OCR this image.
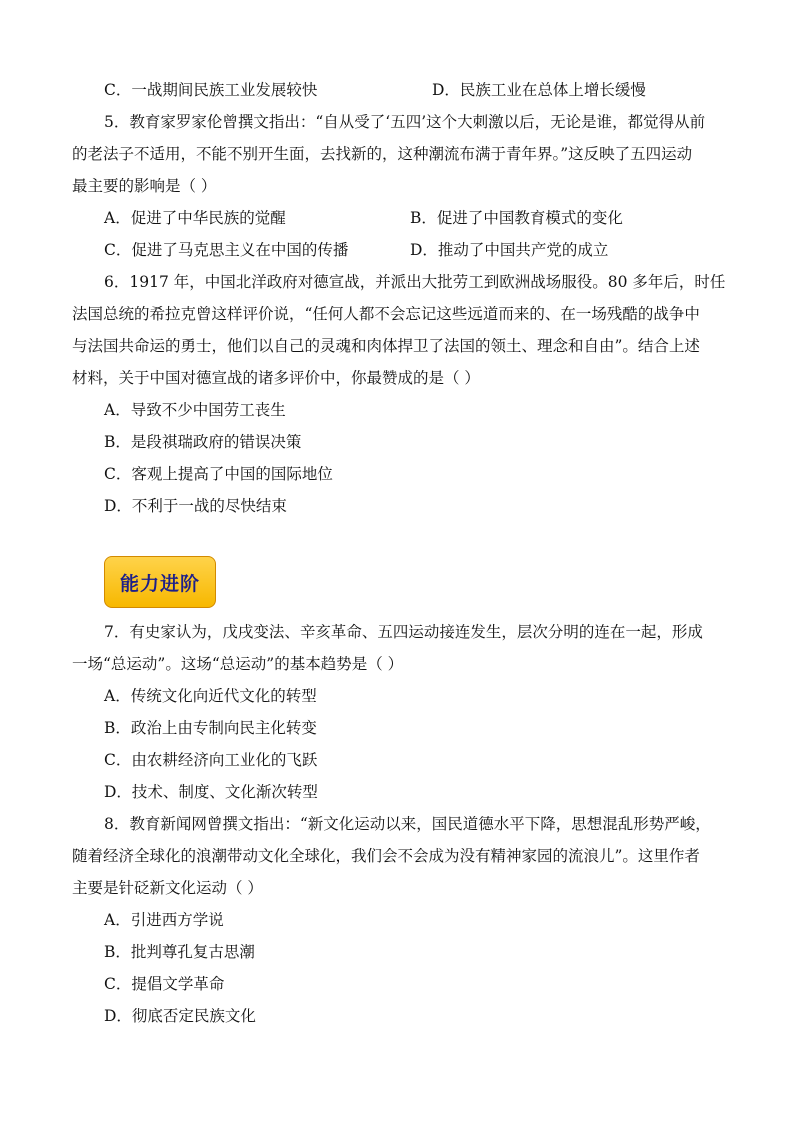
C．一战期间民族工业发展较快	D．民族工业在总体上增长缓慢
5．教育家罗家伦曾撰文指出：“自从受了‘五四’这个大刺激以后，无论是谁，都觉得从前
的老法子不适用，不能不别开生面，去找新的，这种潮流布满于青年界。”这反映了五四运动
最主要的影响是（ ）
A．促进了中华民族的觉醒	B．促进了中国教育模式的变化
C．促进了马克思主义在中国的传播	D．推动了中国共产党的成立
6．1917 年，中国北洋政府对德宣战，并派出大批劳工到欧洲战场服役。80 多年后，时任
法国总统的希拉克曾这样评价说，“任何人都不会忘记这些远道而来的、在一场残酷的战争中
与法国共命运的勇士，他们以自己的灵魂和肉体捍卫了法国的领土、理念和自由”。结合上述
材料，关于中国对德宣战的诸多评价中，你最赞成的是（ ）
A．导致不少中国劳工丧生
B．是段祺瑞政府的错误决策
C．客观上提高了中国的国际地位
D．不利于一战的尽快结束
能力进阶
7．有史家认为，戊戌变法、辛亥革命、五四运动接连发生，层次分明的连在一起，形成
一场“总运动”。这场“总运动”的基本趋势是（ ）
A．传统文化向近代文化的转型
B．政治上由专制向民主化转变
C．由农耕经济向工业化的飞跃
D．技术、制度、文化渐次转型
8．教育新闻网曾撰文指出：“新文化运动以来，国民道德水平下降，思想混乱形势严峻，
随着经济全球化的浪潮带动文化全球化，我们会不会成为没有精神家园的流浪儿”。这里作者
主要是针砭新文化运动（ ）
A．引进西方学说
B．批判尊孔复古思潮
C．提倡文学革命
D．彻底否定民族文化
